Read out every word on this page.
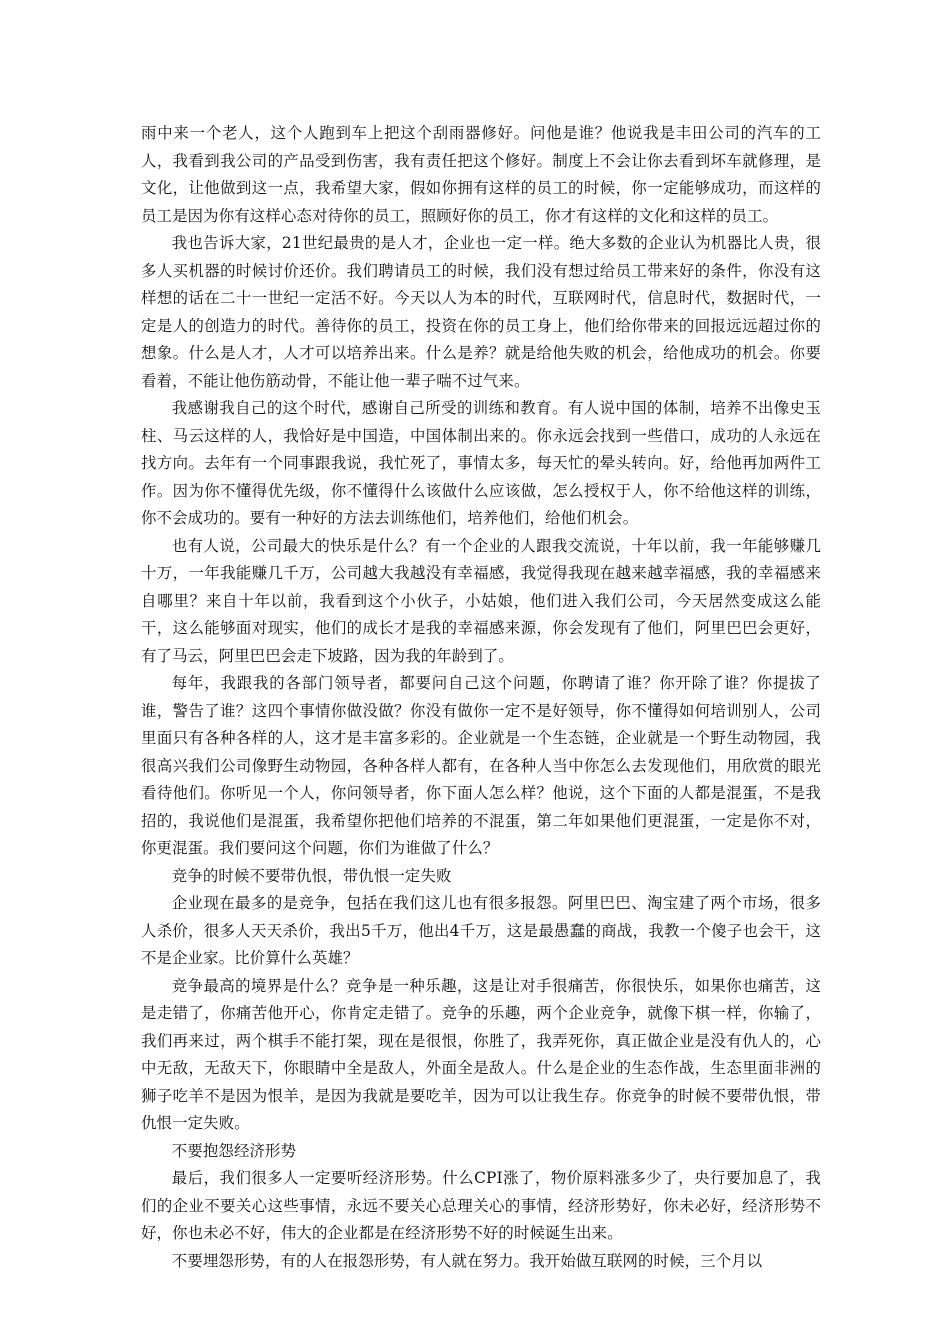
雨中来一个老人，这个人跑到车上把这个刮雨器修好。问他是谁？他说我是丰田公司的汽车的工人，我看到我公司的产品受到伤害，我有责任把这个修好。制度上不会让你去看到坏车就修理，是文化，让他做到这一点，我希望大家，假如你拥有这样的员工的时候，你一定能够成功，而这样的员工是因为你有这样心态对待你的员工，照顾好你的员工，你才有这样的文化和这样的员工。

我也告诉大家，21世纪最贵的是人才，企业也一定一样。绝大多数的企业认为机器比人贵，很多人买机器的时候讨价还价。我们聘请员工的时候，我们没有想过给员工带来好的条件，你没有这样想的话在二十一世纪一定活不好。今天以人为本的时代，互联网时代，信息时代，数据时代，一定是人的创造力的时代。善待你的员工，投资在你的员工身上，他们给你带来的回报远远超过你的想象。什么是人才，人才可以培养出来。什么是养？就是给他失败的机会，给他成功的机会。你要看着，不能让他伤筋动骨，不能让他一辈子喘不过气来。

我感谢我自己的这个时代，感谢自己所受的训练和教育。有人说中国的体制，培养不出像史玉柱、马云这样的人，我恰好是中国造，中国体制出来的。你永远会找到一些借口，成功的人永远在找方向。去年有一个同事跟我说，我忙死了，事情太多，每天忙的晕头转向。好，给他再加两件工作。因为你不懂得优先级，你不懂得什么该做什么应该做，怎么授权于人，你不给他这样的训练，你不会成功的。要有一种好的方法去训练他们，培养他们，给他们机会。

也有人说，公司最大的快乐是什么？有一个企业的人跟我交流说，十年以前，我一年能够赚几十万，一年我能赚几千万，公司越大我越没有幸福感，我觉得我现在越来越幸福感，我的幸福感来自哪里？来自十年以前，我看到这个小伙子，小姑娘，他们进入我们公司，今天居然变成这么能干，这么能够面对现实，他们的成长才是我的幸福感来源，你会发现有了他们，阿里巴巴会更好，有了马云，阿里巴巴会走下坡路，因为我的年龄到了。

每年，我跟我的各部门领导者，都要问自己这个问题，你聘请了谁？你开除了谁？你提拔了谁，警告了谁？这四个事情你做没做？你没有做你一定不是好领导，你不懂得如何培训别人，公司里面只有各种各样的人，这才是丰富多彩的。企业就是一个生态链，企业就是一个野生动物园，我很高兴我们公司像野生动物园，各种各样人都有，在各种人当中你怎么去发现他们，用欣赏的眼光看待他们。你听见一个人，你问领导者，你下面人怎么样？他说，这个下面的人都是混蛋，不是我招的，我说他们是混蛋，我希望你把他们培养的不混蛋，第二年如果他们更混蛋，一定是你不对，你更混蛋。我们要问这个问题，你们为谁做了什么？

竞争的时候不要带仇恨，带仇恨一定失败

企业现在最多的是竞争，包括在我们这儿也有很多报怨。阿里巴巴、淘宝建了两个市场，很多人杀价，很多人天天杀价，我出5千万，他出4千万，这是最愚蠢的商战，我教一个傻子也会干，这不是企业家。比价算什么英雄？

竞争最高的境界是什么？竞争是一种乐趣，这是让对手很痛苦，你很快乐，如果你也痛苦，这是走错了，你痛苦他开心，你肯定走错了。竞争的乐趣，两个企业竞争，就像下棋一样，你输了，我们再来过，两个棋手不能打架，现在是很恨，你胜了，我弄死你，真正做企业是没有仇人的，心中无敌，无敌天下，你眼睛中全是敌人，外面全是敌人。什么是企业的生态作战，生态里面非洲的狮子吃羊不是因为恨羊，是因为我就是要吃羊，因为可以让我生存。你竞争的时候不要带仇恨，带仇恨一定失败。

不要抱怨经济形势

最后，我们很多人一定要听经济形势。什么CPI涨了，物价原料涨多少了，央行要加息了，我们的企业不要关心这些事情，永远不要关心总理关心的事情，经济形势好，你未必好，经济形势不好，你也未必不好，伟大的企业都是在经济形势不好的时候诞生出来。

不要埋怨形势，有的人在报怨形势，有人就在努力。我开始做互联网的时候，三个月以
